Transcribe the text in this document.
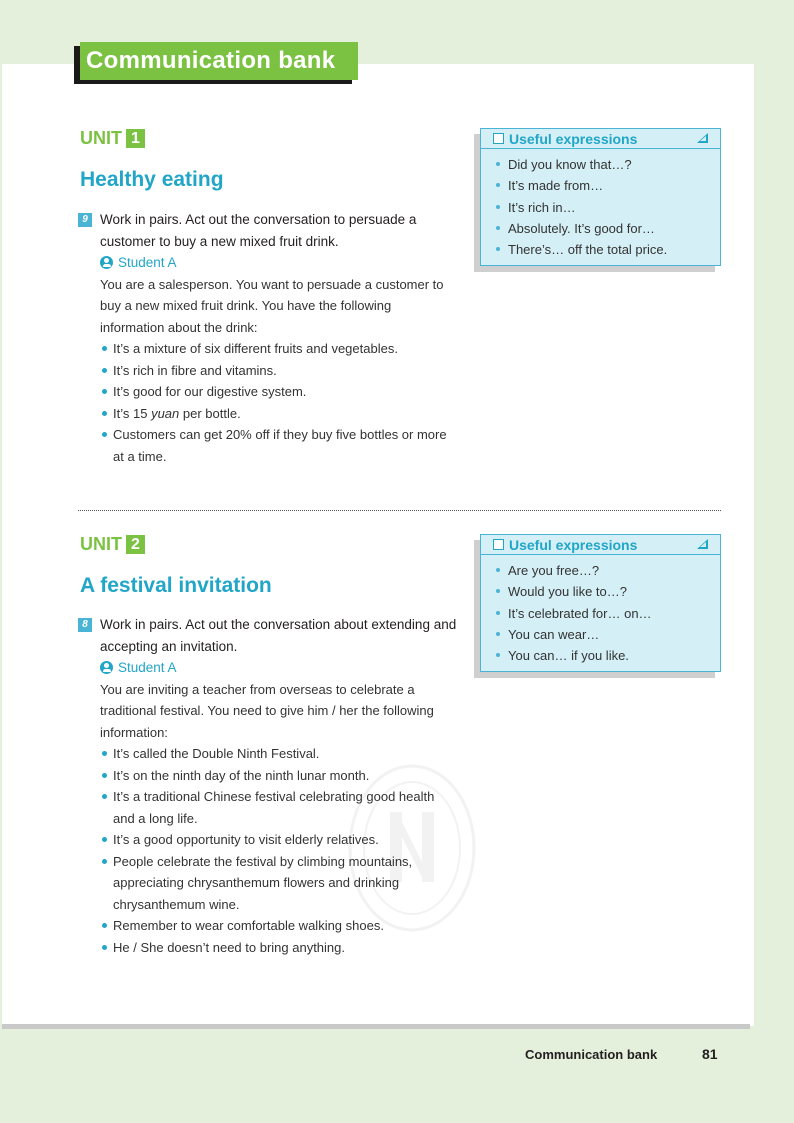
Communication bank
UNIT 1
Healthy eating
9 Work in pairs. Act out the conversation to persuade a customer to buy a new mixed fruit drink.
Student A
You are a salesperson. You want to persuade a customer to buy a new mixed fruit drink. You have the following information about the drink:
It’s a mixture of six different fruits and vegetables.
It’s rich in fibre and vitamins.
It’s good for our digestive system.
It’s 15 yuan per bottle.
Customers can get 20% off if they buy five bottles or more at a time.
Useful expressions
Did you know that…?
It’s made from…
It’s rich in…
Absolutely. It’s good for…
There’s… off the total price.
UNIT 2
A festival invitation
8 Work in pairs. Act out the conversation about extending and accepting an invitation.
Student A
You are inviting a teacher from overseas to celebrate a traditional festival. You need to give him / her the following information:
It’s called the Double Ninth Festival.
It’s on the ninth day of the ninth lunar month.
It’s a traditional Chinese festival celebrating good health and a long life.
It’s a good opportunity to visit elderly relatives.
People celebrate the festival by climbing mountains, appreciating chrysanthemum flowers and drinking chrysanthemum wine.
Remember to wear comfortable walking shoes.
He / She doesn’t need to bring anything.
Useful expressions
Are you free…?
Would you like to…?
It’s celebrated for… on…
You can wear…
You can… if you like.
Communication bank	81
